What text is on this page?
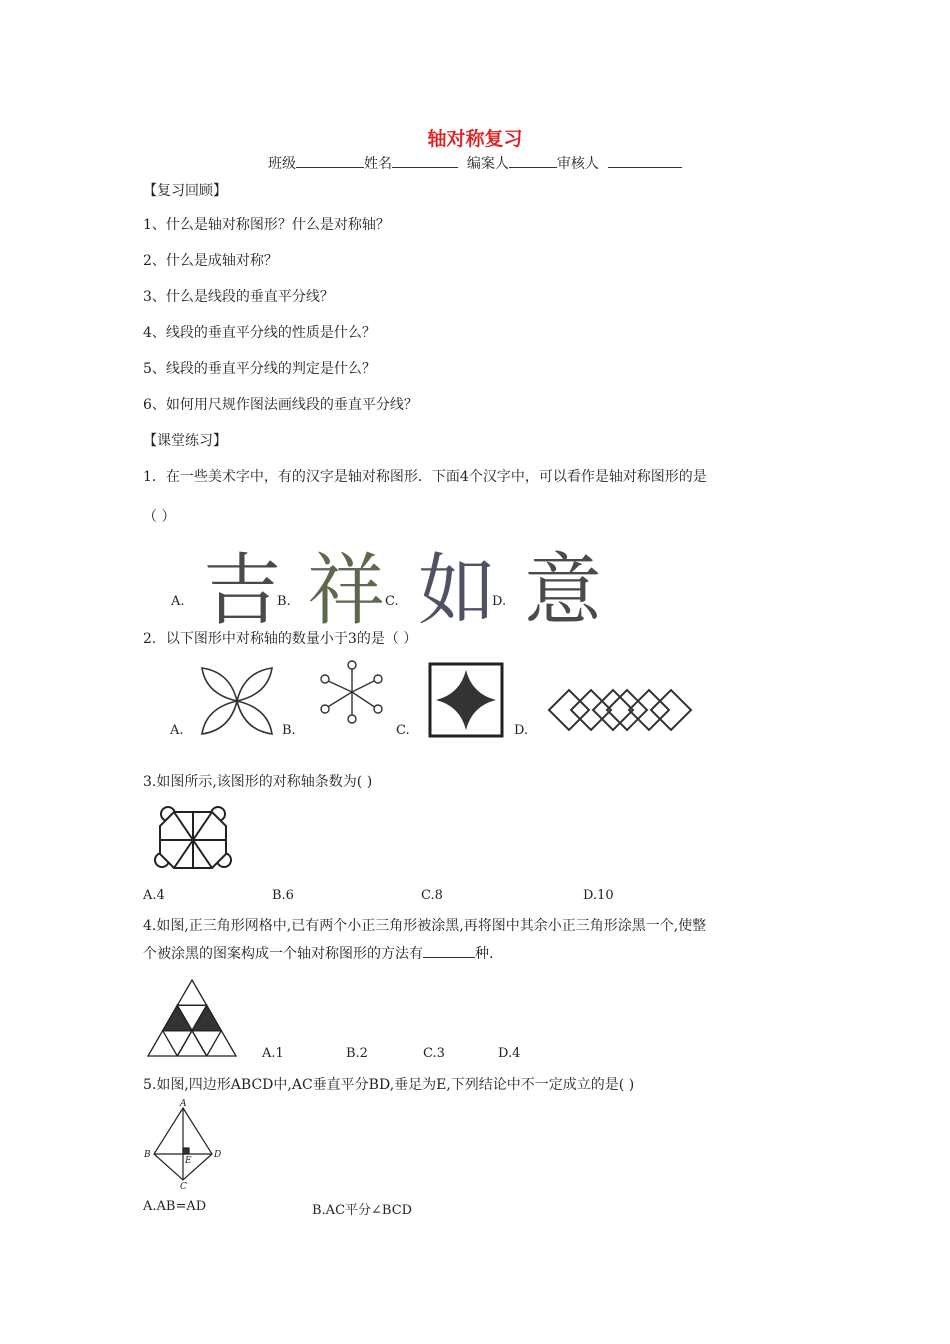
轴对称复习
班级	姓名	编案人	审核人
【复习回顾】
1、什么是轴对称图形？什么是对称轴？
2、什么是成轴对称？
3、什么是线段的垂直平分线？
4、线段的垂直平分线的性质是什么？
5、线段的垂直平分线的判定是什么？
6、如何用尺规作图法画线段的垂直平分线？
【课堂练习】
1．在一些美术字中，有的汉字是轴对称图形．下面4个汉字中，可以看作是轴对称图形的是
（ ）
吉 祥 如 意
A.	B.	C.	D.
2．以下图形中对称轴的数量小于3的是（ ）
A.	B.	C.	D.
3.如图所示,该图形的对称轴条数为( )
A.4	B.6	C.8	D.10
4.如图,正三角形网格中,已有两个小正三角形被涂黑,再将图中其余小正三角形涂黑一个,使整
个被涂黑的图案构成一个轴对称图形的方法有	种.
A.1	B.2	C.3	D.4
5.如图,四边形ABCD中,AC垂直平分BD,垂足为E,下列结论中不一定成立的是( )
A
B
C
D
E
A.AB=AD	B.AC平分∠BCD
